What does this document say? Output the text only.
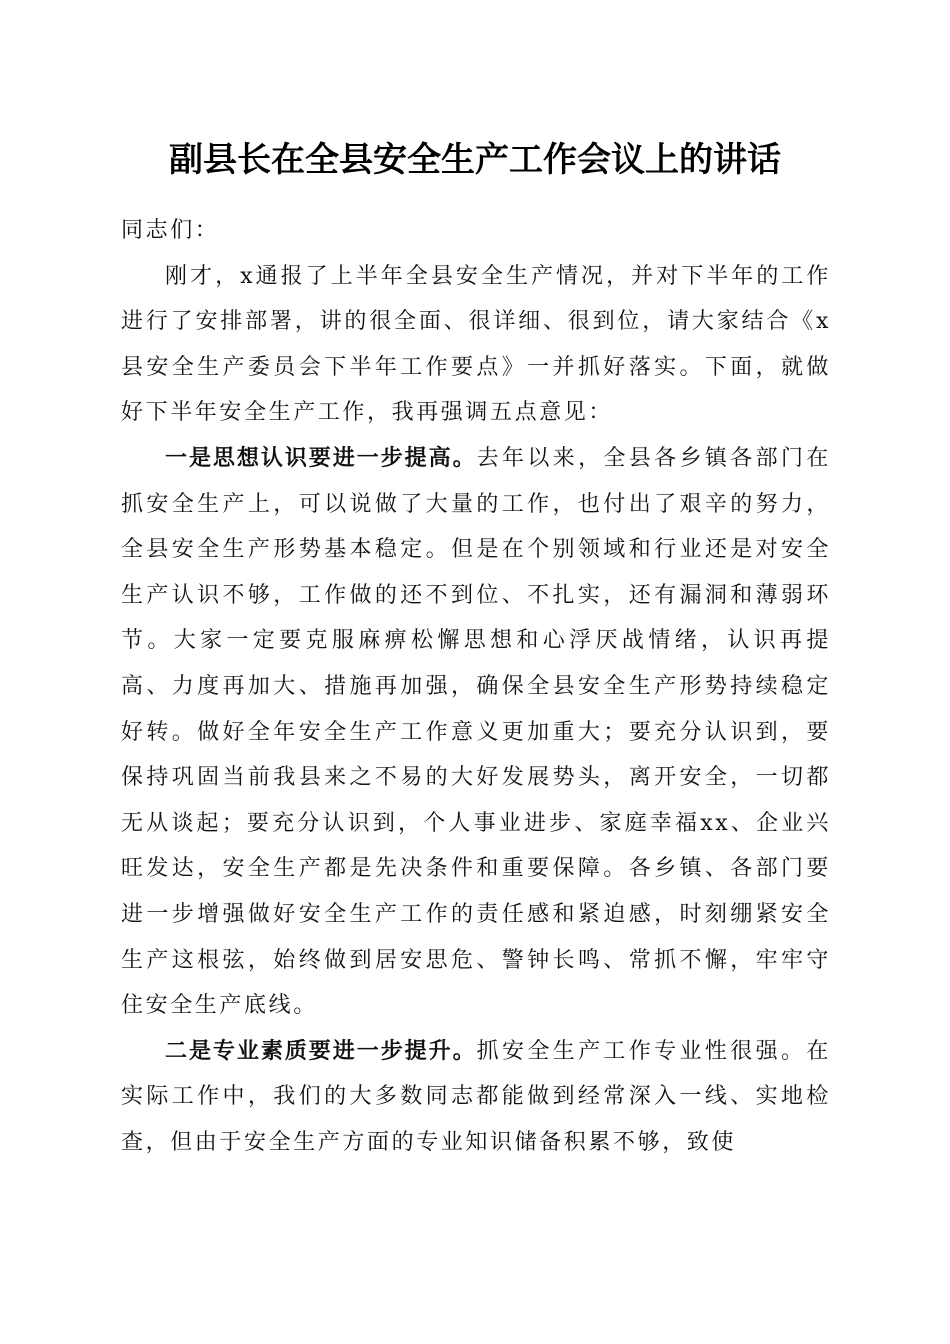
副县长在全县安全生产工作会议上的讲话

同志们：

刚才，x通报了上半年全县安全生产情况，并对下半年的工作进行了安排部署，讲的很全面、很详细、很到位，请大家结合《x县安全生产委员会下半年工作要点》一并抓好落实。下面，就做好下半年安全生产工作，我再强调五点意见：

一是思想认识要进一步提高。去年以来，全县各乡镇各部门在抓安全生产上，可以说做了大量的工作，也付出了艰辛的努力，全县安全生产形势基本稳定。但是在个别领域和行业还是对安全生产认识不够，工作做的还不到位、不扎实，还有漏洞和薄弱环节。大家一定要克服麻痹松懈思想和心浮厌战情绪，认识再提高、力度再加大、措施再加强，确保全县安全生产形势持续稳定好转。做好全年安全生产工作意义更加重大；要充分认识到，要保持巩固当前我县来之不易的大好发展势头，离开安全，一切都无从谈起；要充分认识到，个人事业进步、家庭幸福xx、企业兴旺发达，安全生产都是先决条件和重要保障。各乡镇、各部门要进一步增强做好安全生产工作的责任感和紧迫感，时刻绷紧安全生产这根弦，始终做到居安思危、警钟长鸣、常抓不懈，牢牢守住安全生产底线。

二是专业素质要进一步提升。抓安全生产工作专业性很强。在实际工作中，我们的大多数同志都能做到经常深入一线、实地检查，但由于安全生产方面的专业知识储备积累不够，致使
